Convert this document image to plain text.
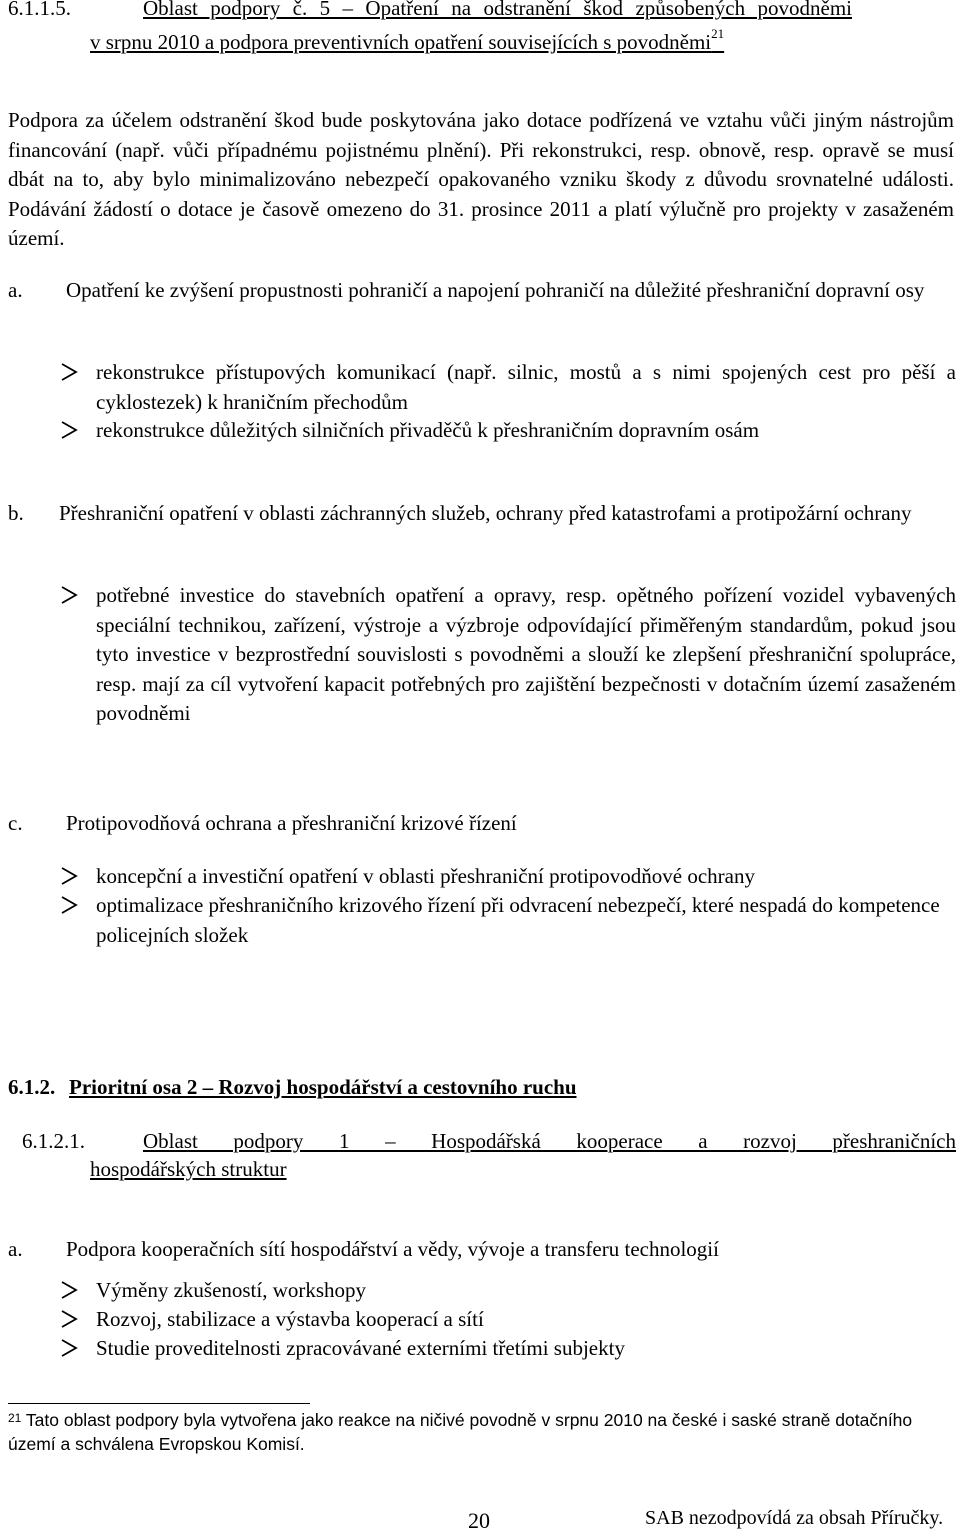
6.1.1.5.	Oblast podpory č. 5 – Opatření na odstranění škod způsobených povodněmi
v srpnu 2010 a podpora preventivních opatření souvisejících s povodněmi$^{21}$
Podpora za účelem odstranění škod bude poskytována jako dotace podřízená ve vztahu vůči jiným nástrojům financování (např. vůči případnému pojistnému plnění). Při rekonstrukci, resp. obnově, resp. opravě se musí dbát na to, aby bylo minimalizováno nebezpečí opakovaného vzniku škody z důvodu srovnatelné události. Podávání žádostí o dotace je časově omezeno do 31. prosince 2011 a platí výlučně pro projekty v zasaženém území.
a. Opatření ke zvýšení propustnosti pohraničí a napojení pohraničí na důležité přeshraniční dopravní osy
rekonstrukce přístupových komunikací (např. silnic, mostů a s nimi spojených cest pro pěší a cyklostezek) k hraničním přechodům
rekonstrukce důležitých silničních přivaděčů k přeshraničním dopravním osám
b. Přeshraniční opatření v oblasti záchranných služeb, ochrany před katastrofami a protipožární ochrany
potřebné investice do stavebních opatření a opravy, resp. opětného pořízení vozidel vybavených speciální technikou, zařízení, výstroje a výzbroje odpovídající přiměřeným standardům, pokud jsou tyto investice v bezprostřední souvislosti s povodněmi a slouží ke zlepšení přeshraniční spolupráce, resp. mají za cíl vytvoření kapacit potřebných pro zajištění bezpečnosti v dotačním území zasaženém povodněmi
c. Protipovodňová ochrana a přeshraniční krizové řízení
koncepční a investiční opatření v oblasti přeshraniční protipovodňové ochrany
optimalizace přeshraničního krizového řízení při odvracení nebezpečí, které nespadá do kompetence policejních složek
6.1.2. Prioritní osa 2 – Rozvoj hospodářství a cestovního ruchu
6.1.2.1.	Oblast podpory 1 – Hospodářská kooperace a rozvoj přeshraničních
hospodářských struktur
a. Podpora kooperačních sítí hospodářství a vědy, vývoje a transferu technologií
Výměny zkušeností, workshopy
Rozvoj, stabilizace a výstavba kooperací a sítí
Studie proveditelnosti zpracovávané externími třetími subjekty
$^{21}$ Tato oblast podpory byla vytvořena jako reakce na ničivé povodně v srpnu 2010 na české i saské straně dotačního území a schválena Evropskou Komisí.
20	SAB nezodpovídá za obsah Příručky.
